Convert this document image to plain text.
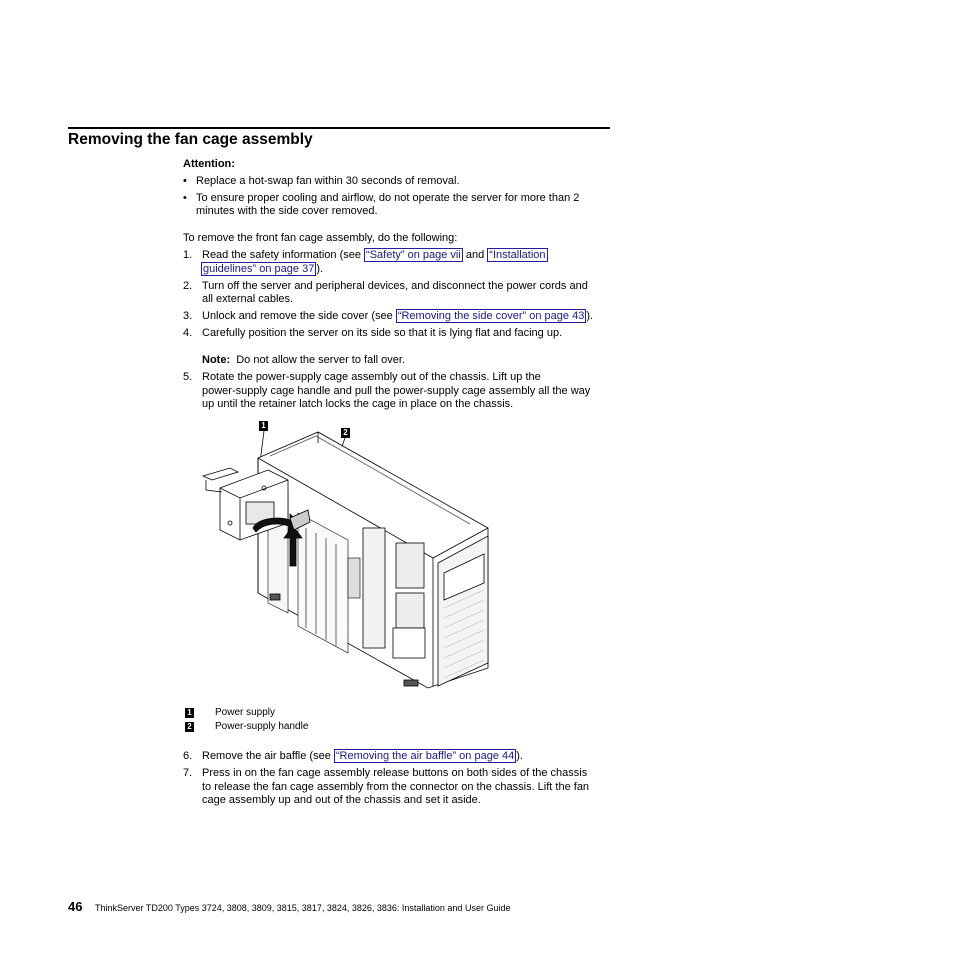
Removing the fan cage assembly
Attention:
• Replace a hot-swap fan within 30 seconds of removal.
• To ensure proper cooling and airflow, do not operate the server for more than 2
minutes with the side cover removed.
To remove the front fan cage assembly, do the following:
1. Read the safety information (see “Safety” on page vii and “Installation
guidelines” on page 37 ).
2. Turn off the server and peripheral devices, and disconnect the power cords and
all external cables.
3. Unlock and remove the side cover (see “Removing the side cover” on page 43 ).
4. Carefully position the server on its side so that it is lying flat and facing up.
Note: Do not allow the server to fall over.
5. Rotate the power-supply cage assembly out of the chassis. Lift up the
power-supply cage handle and pull the power-supply cage assembly all the way
up until the retainer latch locks the cage in place on the chassis.
1
2
1 Power supply
2 Power-supply handle
6. Remove the air baffle (see “Removing the air baffle” on page 44 ).
7. Press in on the fan cage assembly release buttons on both sides of the chassis
to release the fan cage assembly from the connector on the chassis. Lift the fan
cage assembly up and out of the chassis and set it aside.
46 ThinkServer TD200 Types 3724, 3808, 3809, 3815, 3817, 3824, 3826, 3836: Installation and User Guide
